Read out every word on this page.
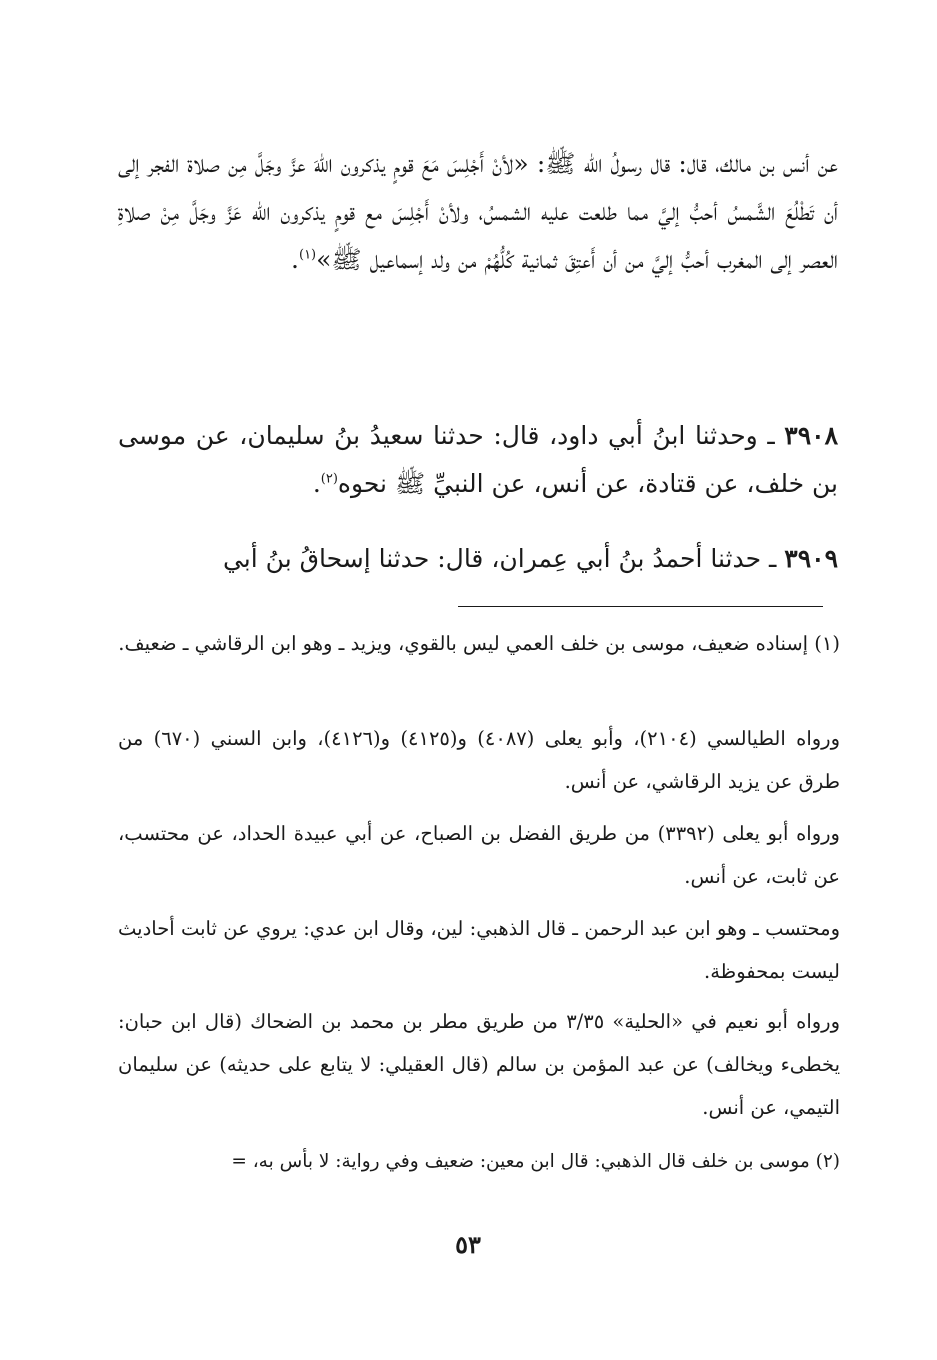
عن أنس بن مالك، قال: قال رسولُ الله ﷺ: «لأنْ أَجْلِسَ مَعَ قومٍ يذكرون اللهَ عزَّ وجَلَّ مِن صلاة الفجر إلى أن تَطْلُعَ الشَّمسُ أحبُّ إليَّ مما طلعت عليه الشمسُ، ولأنْ أَجْلِسَ مع قومٍ يذكرون الله عَزَّ وجَلَّ مِنْ صلاةِ العصر إلى المغرب أحبُّ إليَّ من أن أَعتِقَ ثمانية كُلُّهُمْ من ولد إسماعيل ﷺ»$^{(١)}$.

٣٩٠٨ ـ وحدثنا ابنُ أبي داود، قال: حدثنا سعيدُ بنُ سليمان، عن موسى بن خلف، عن قتادة، عن أنس، عن النبيِّ ﷺ نحوه$^{(٢)}$.

٣٩٠٩ ـ حدثنا أحمدُ بنُ أبي عِمران، قال: حدثنا إسحاقُ بنُ أبي

(١) إسناده ضعيف، موسى بن خلف العمي ليس بالقوي، ويزيد ـ وهو ابن الرقاشي ـ ضعيف.

ورواه الطيالسي (٢١٠٤)، وأبو يعلى (٤٠٨٧) و(٤١٢٥) و(٤١٢٦)، وابن السني (٦٧٠) من طرق عن يزيد الرقاشي، عن أنس.

ورواه أبو يعلى (٣٣٩٢) من طريق الفضل بن الصباح، عن أبي عبيدة الحداد، عن محتسب، عن ثابت، عن أنس.

ومحتسب ـ وهو ابن عبد الرحمن ـ قال الذهبي: لين، وقال ابن عدي: يروي عن ثابت أحاديث ليست بمحفوظة.

ورواه أبو نعيم في «الحلية» ٣/٣٥ من طريق مطر بن محمد بن الضحاك (قال ابن حبان: يخطىء ويخالف) عن عبد المؤمن بن سالم (قال العقيلي: لا يتابع على حديثه) عن سليمان التيمي، عن أنس.

(٢) موسى بن خلف قال الذهبي: قال ابن معين: ضعيف وفي رواية: لا بأس به، =

٥٣
